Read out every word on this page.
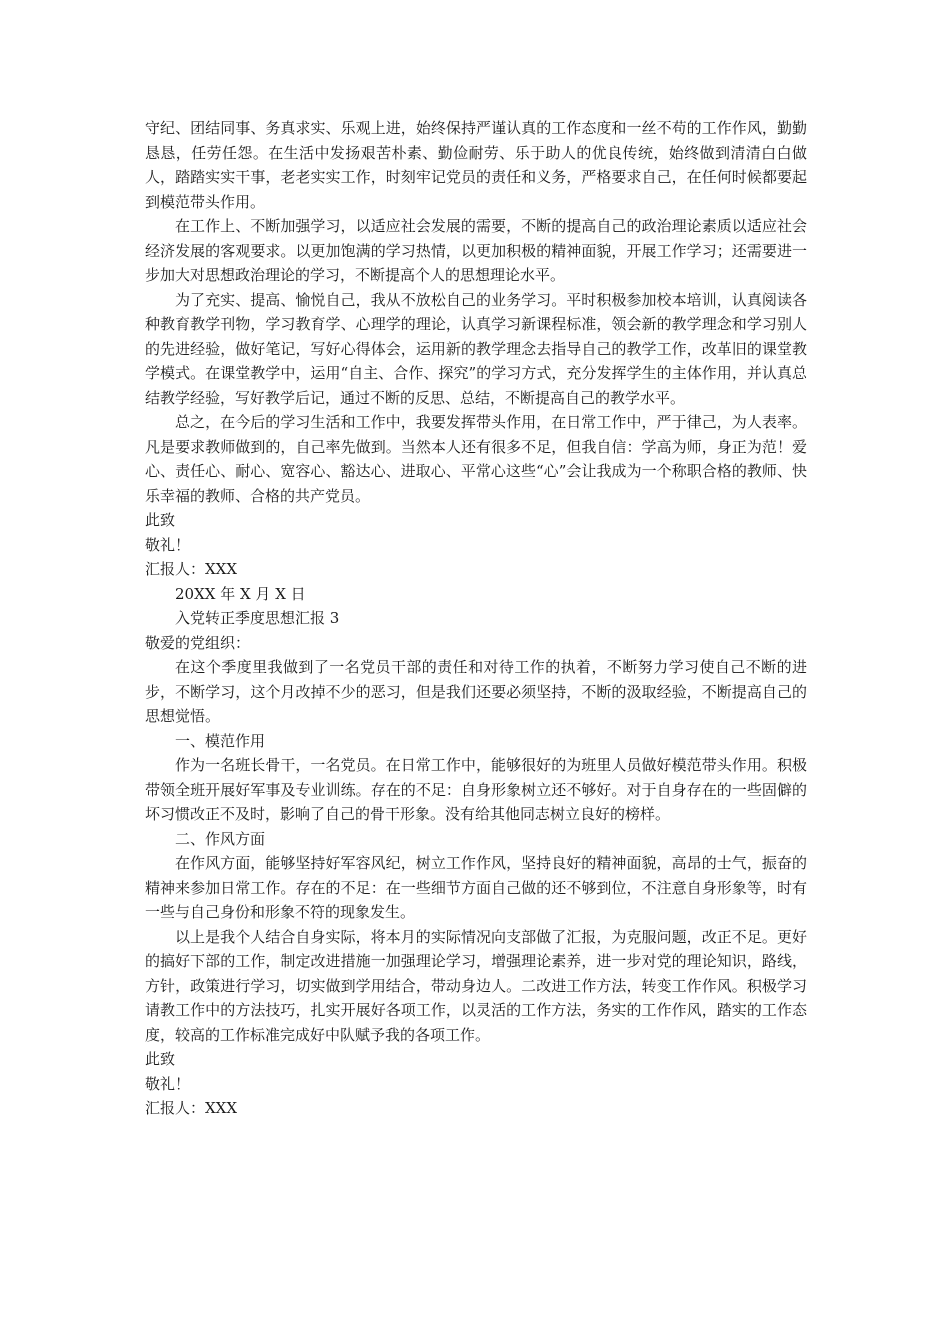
守纪、团结同事、务真求实、乐观上进，始终保持严谨认真的工作态度和一丝不苟的工作作风，勤勤恳恳，任劳任怨。在生活中发扬艰苦朴素、勤俭耐劳、乐于助人的优良传统，始终做到清清白白做人，踏踏实实干事，老老实实工作，时刻牢记党员的责任和义务，严格要求自己，在任何时候都要起到模范带头作用。

在工作上、不断加强学习，以适应社会发展的需要，不断的提高自己的政治理论素质以适应社会经济发展的客观要求。以更加饱满的学习热情，以更加积极的精神面貌，开展工作学习；还需要进一步加大对思想政治理论的学习，不断提高个人的思想理论水平。

为了充实、提高、愉悦自己，我从不放松自己的业务学习。平时积极参加校本培训，认真阅读各种教育教学刊物，学习教育学、心理学的理论，认真学习新课程标准，领会新的教学理念和学习别人的先进经验，做好笔记，写好心得体会，运用新的教学理念去指导自己的教学工作，改革旧的课堂教学模式。在课堂教学中，运用“自主、合作、探究”的学习方式，充分发挥学生的主体作用，并认真总结教学经验，写好教学后记，通过不断的反思、总结，不断提高自己的教学水平。

总之，在今后的学习生活和工作中，我要发挥带头作用，在日常工作中，严于律己，为人表率。凡是要求教师做到的，自己率先做到。当然本人还有很多不足，但我自信：学高为师，身正为范！爱心、责任心、耐心、宽容心、豁达心、进取心、平常心这些“心”会让我成为一个称职合格的教师、快乐幸福的教师、合格的共产党员。

此致

敬礼！

汇报人：XXX

20XX 年 X 月 X 日

入党转正季度思想汇报 3

敬爱的党组织：

在这个季度里我做到了一名党员干部的责任和对待工作的执着，不断努力学习使自己不断的进步，不断学习，这个月改掉不少的恶习，但是我们还要必须坚持，不断的汲取经验，不断提高自己的思想觉悟。

一、模范作用

作为一名班长骨干，一名党员。在日常工作中，能够很好的为班里人员做好模范带头作用。积极带领全班开展好军事及专业训练。存在的不足：自身形象树立还不够好。对于自身存在的一些固僻的坏习惯改正不及时，影响了自己的骨干形象。没有给其他同志树立良好的榜样。

二、作风方面

在作风方面，能够坚持好军容风纪，树立工作作风，坚持良好的精神面貌，高昂的士气，振奋的精神来参加日常工作。存在的不足：在一些细节方面自己做的还不够到位，不注意自身形象等，时有一些与自己身份和形象不符的现象发生。

以上是我个人结合自身实际，将本月的实际情况向支部做了汇报，为克服问题，改正不足。更好的搞好下部的工作，制定改进措施一加强理论学习，增强理论素养，进一步对党的理论知识，路线，方针，政策进行学习，切实做到学用结合，带动身边人。二改进工作方法，转变工作作风。积极学习请教工作中的方法技巧，扎实开展好各项工作，以灵活的工作方法，务实的工作作风，踏实的工作态度，较高的工作标准完成好中队赋予我的各项工作。

此致

敬礼！

汇报人：XXX
